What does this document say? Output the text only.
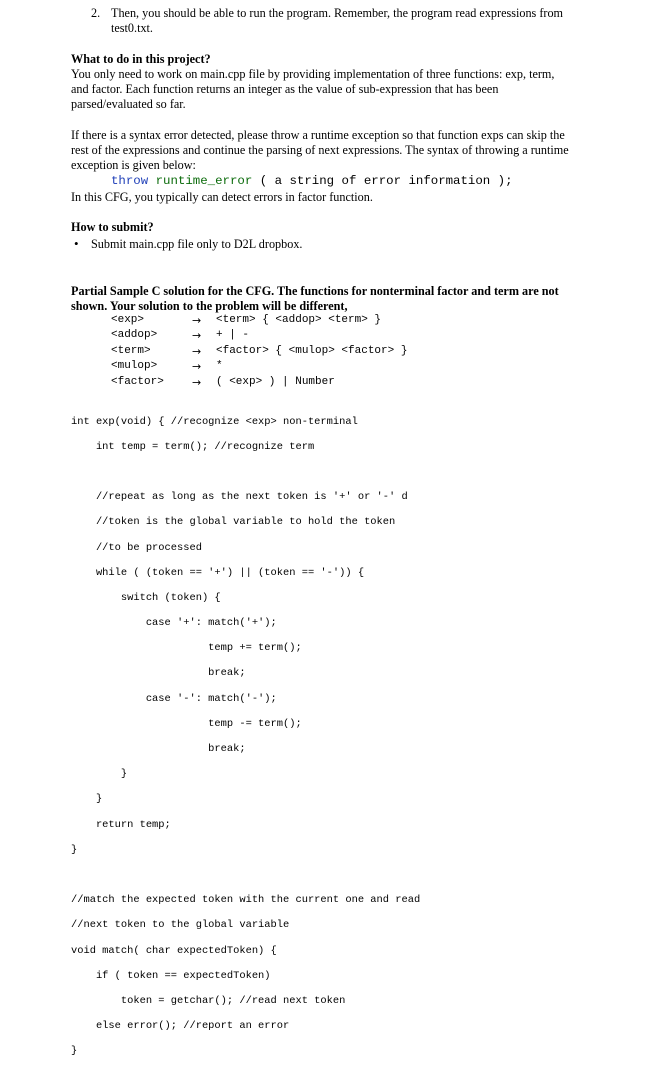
2. Then, you should be able to run the program. Remember, the program read expressions from
test0.txt.
What to do in this project?
You only need to work on main.cpp file by providing implementation of three functions: exp, term,
and factor. Each function returns an integer as the value of sub-expression that has been
parsed/evaluated so far.
If there is a syntax error detected, please throw a runtime exception so that function exps can skip the
rest of the expressions and continue the parsing of next expressions. The syntax of throwing a runtime
exception is given below:
throw runtime_error ( a string of error information );
In this CFG, you typically can detect errors in factor function.
How to submit?
• Submit main.cpp file only to D2L dropbox.
Partial Sample C solution for the CFG. The functions for nonterminal factor and term are not
shown. Your solution to the problem will be different,
<exp>	→ <term> { <addop> <term> }
<addop>	→ + | -
<term>	→ <factor> { <mulop> <factor> }
<mulop>	→ *
<factor>	→ ( <exp> ) | Number

int exp(void) { //recognize <exp> non-terminal

int temp = term(); //recognize term

//repeat as long as the next token is '+' or '-' d

//token is the global variable to hold the token

//to be processed

while ( (token == '+') || (token == '-')) {

switch (token) {

case '+': match('+');

temp += term();

break;

case '-': match('-');

temp -= term();

break;

}

}

return temp;

}

//match the expected token with the current one and read

//next token to the global variable

void match( char expectedToken) {

if ( token == expectedToken)

token = getchar(); //read next token

else error(); //report an error

}
